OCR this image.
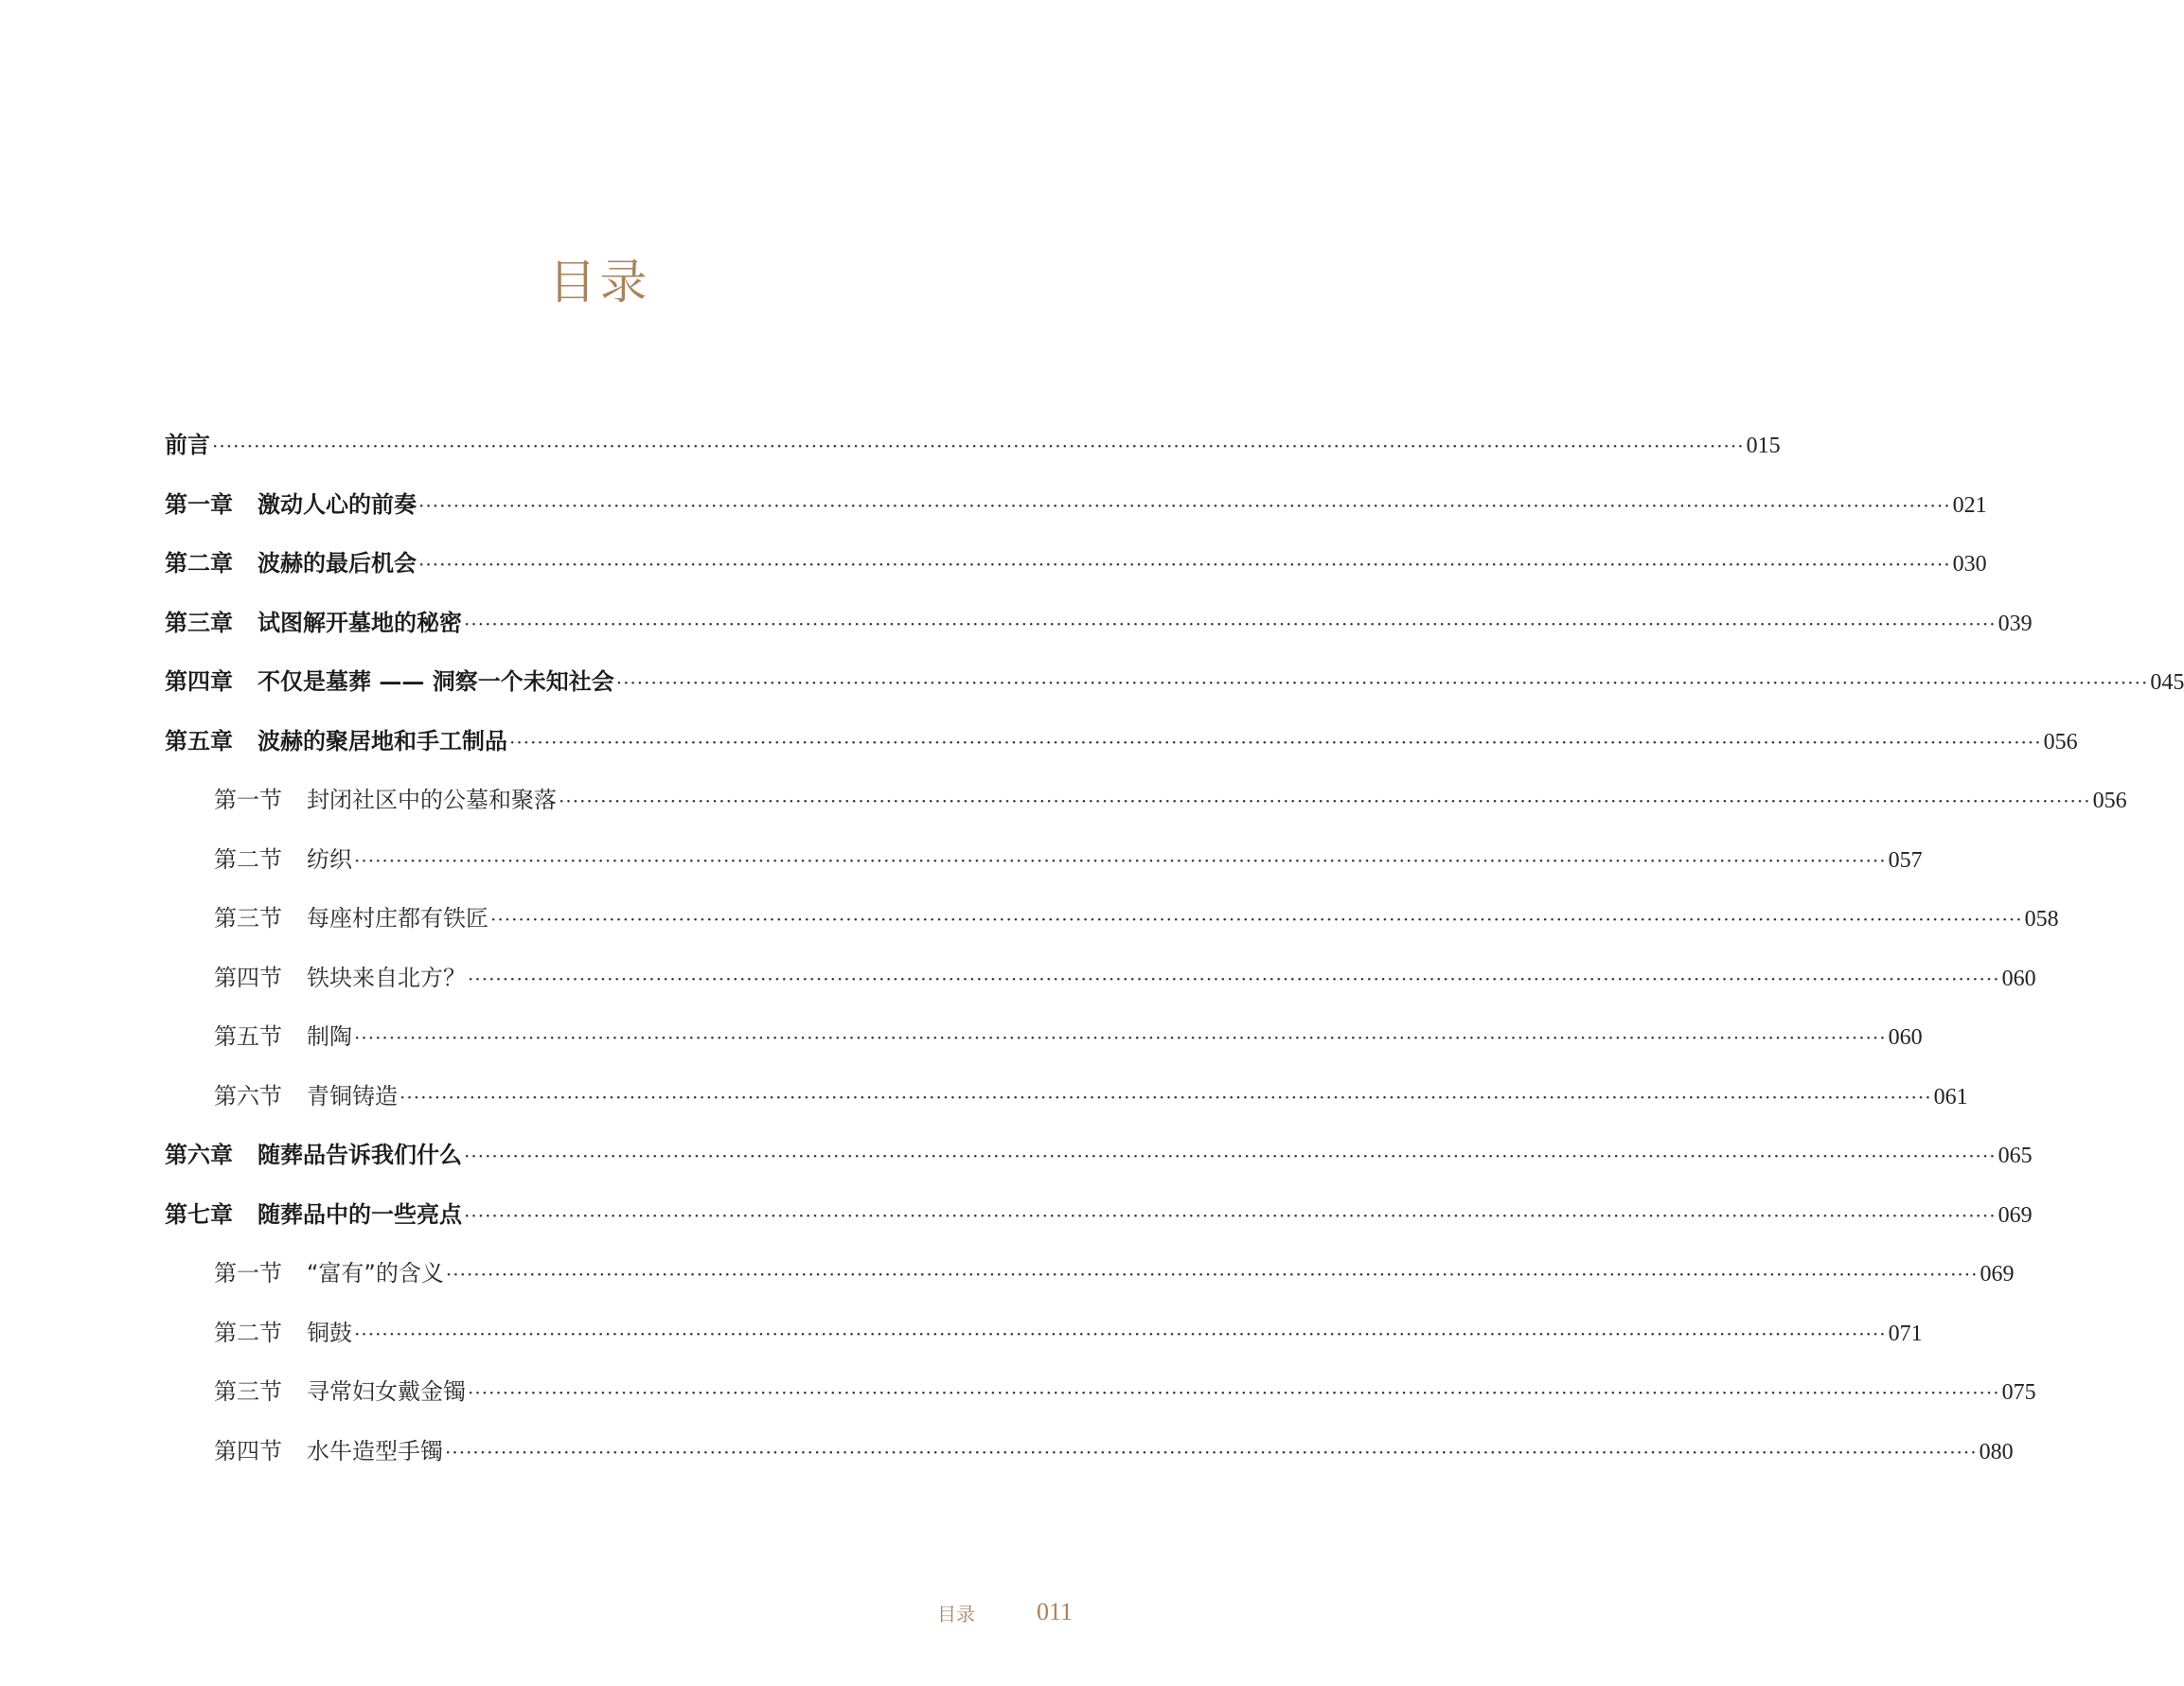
目录
前言 ···························································································································································································································· 015
第一章 激动人心的前奏 ···························································································································································································································· 021
第二章 波赫的最后机会 ···························································································································································································································· 030
第三章 试图解开墓地的秘密 ···························································································································································································································· 039
第四章 不仅是墓葬 —— 洞察一个未知社会 ···························································································································································································································· 045
第五章 波赫的聚居地和手工制品 ···························································································································································································································· 056
第一节 封闭社区中的公墓和聚落 ···························································································································································································································· 056
第二节 纺织 ···························································································································································································································· 057
第三节 每座村庄都有铁匠 ···························································································································································································································· 058
第四节 铁块来自北方？ ···························································································································································································································· 060
第五节 制陶 ···························································································································································································································· 060
第六节 青铜铸造 ···························································································································································································································· 061
第六章 随葬品告诉我们什么 ···························································································································································································································· 065
第七章 随葬品中的一些亮点 ···························································································································································································································· 069
第一节 “富有”的含义 ···························································································································································································································· 069
第二节 铜鼓 ···························································································································································································································· 071
第三节 寻常妇女戴金镯 ···························································································································································································································· 075
第四节 水牛造型手镯 ···························································································································································································································· 080
目录	011
